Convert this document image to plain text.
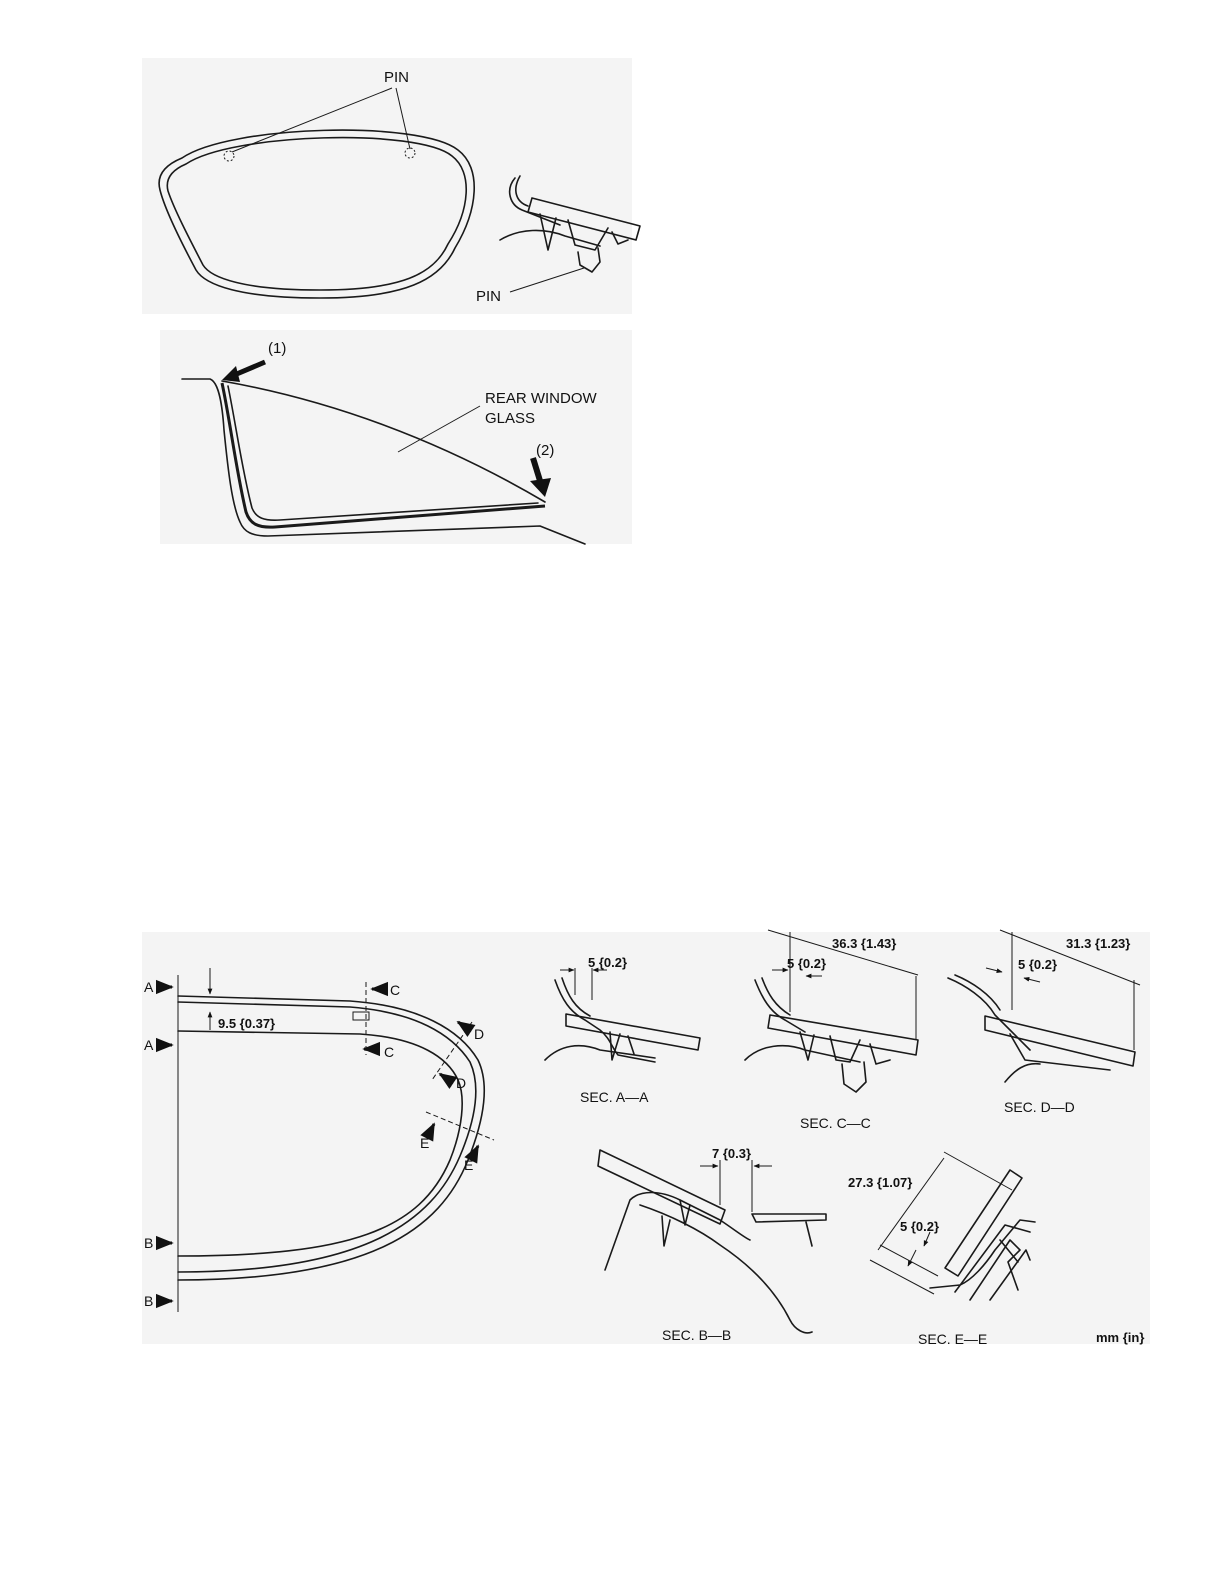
PIN
PIN
(1)
(2)
REAR WINDOW
GLASS
9.5 {0.37}
A
A
B
B
C
C
D
D
E
E
5 {0.2}
SEC. A—A
5 {0.2}
36.3 {1.43}
SEC. C—C
5 {0.2}
31.3 {1.23}
SEC. D—D
7 {0.3}
SEC. B—B
27.3 {1.07}
5 {0.2}
SEC. E—E	mm {in}
